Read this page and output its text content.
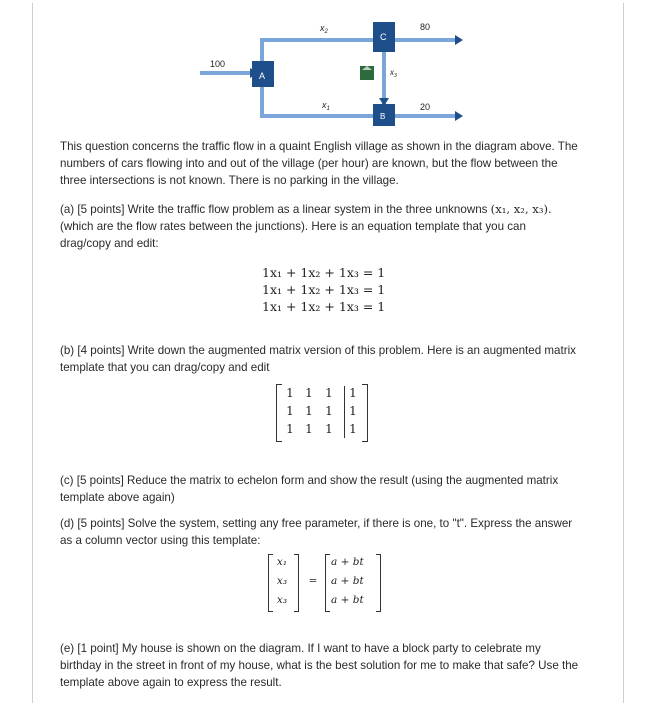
A
C
B
100
80
20
$x_2$
$x_1$
$x_3$
This question concerns the traffic flow in a quaint English village as shown in the diagram above. The numbers of cars flowing into and out of the village (per hour) are known, but the flow between the three intersections is not known. There is no parking in the village.
(a) [5 points] Write the traffic flow problem as a linear system in the three unknowns (x₁, x₂, x₃). (which are the flow rates between the junctions). Here is an equation template that you can drag/copy and edit:
1x₁ + 1x₂ + 1x₃ = 1
1x₁ + 1x₂ + 1x₃ = 1
1x₁ + 1x₂ + 1x₃ = 1
(b) [4 points] Write down the augmented matrix version of this problem. Here is an augmented matrix template that you can drag/copy and edit
1 1 1 1
1 1 1 1
1 1 1 1
(c) [5 points] Reduce the matrix to echelon form and show the result (using the augmented matrix template above again)
(d) [5 points] Solve the system, setting any free parameter, if there is one, to "t". Express the answer as a column vector using this template:
x₁
x₃
x₃
=
a + bt
a + bt
a + bt
(e) [1 point] My house is shown on the diagram. If I want to have a block party to celebrate my birthday in the street in front of my house, what is the best solution for me to make that safe? Use the template above again to express the result.
